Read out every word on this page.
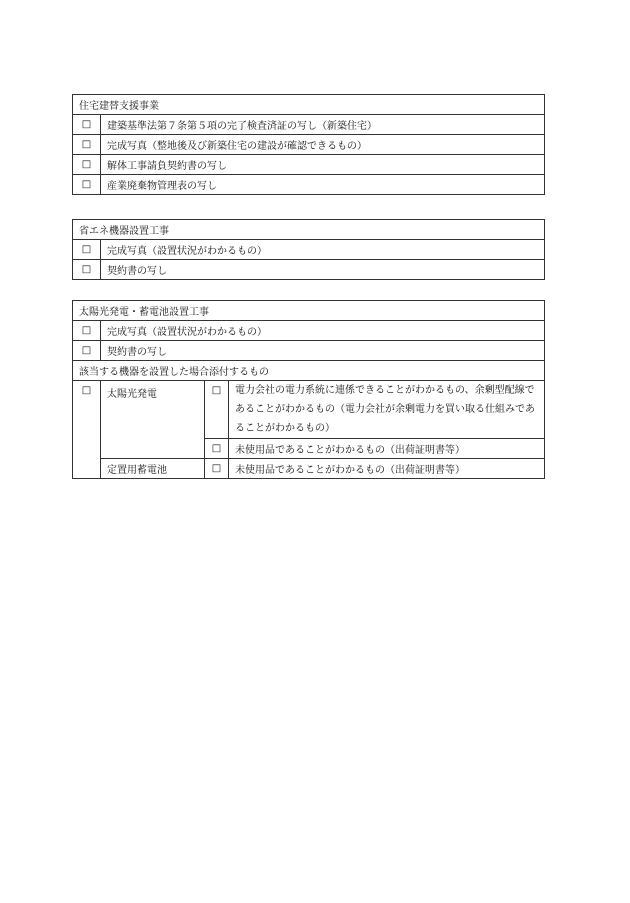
住宅建替支援事業	
□	建築基準法第７条第５項の完了検査済証の写し（新築住宅）
□	完成写真（整地後及び新築住宅の建設が確認できるもの）
□	解体工事請負契約書の写し
□	産業廃棄物管理表の写し
省エネ機器設置工事	
□	完成写真（設置状況がわかるもの）
□	契約書の写し
太陽光発電・蓄電池設置工事			
□	完成写真（設置状況がわかるもの）		
□	契約書の写し		
該当する機器を設置した場合添付するもの			
□	太陽光発電	□	電力会社の電力系統に連係できることがわかるもの、余剰型配線であることがわかるもの（電力会社が余剰電力を買い取る仕組みであることがわかるもの）
		□	未使用品であることがわかるもの（出荷証明書等）
	定置用蓄電池	□	未使用品であることがわかるもの（出荷証明書等）
